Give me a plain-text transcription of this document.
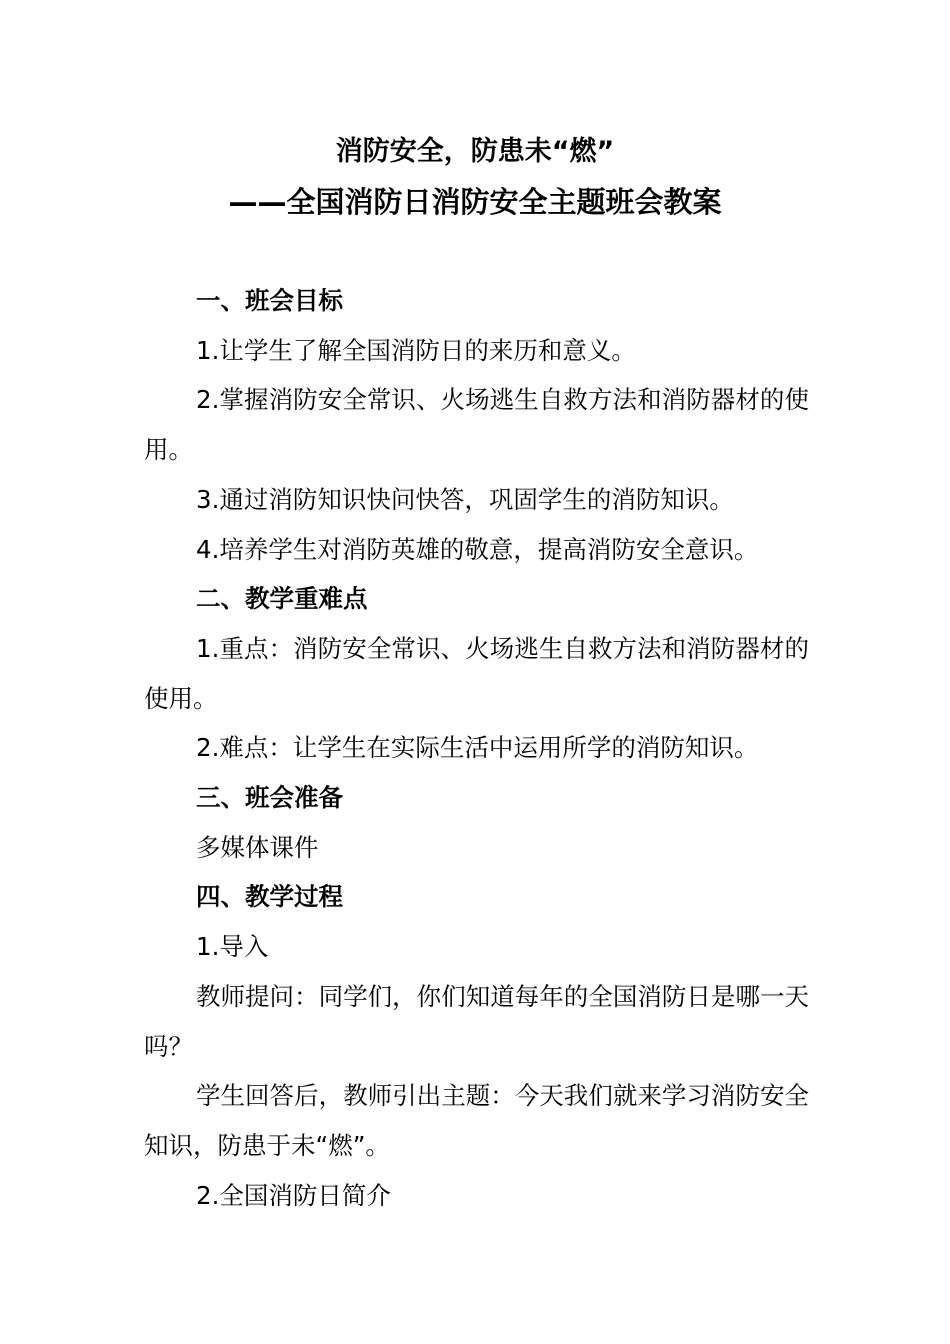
消防安全，防患未“燃”
——全国消防日消防安全主题班会教案

一、班会目标

1.让学生了解全国消防日的来历和意义。

2.掌握消防安全常识、火场逃生自救方法和消防器材的使用。

3.通过消防知识快问快答，巩固学生的消防知识。

4.培养学生对消防英雄的敬意，提高消防安全意识。

二、教学重难点

1.重点：消防安全常识、火场逃生自救方法和消防器材的使用。

2.难点：让学生在实际生活中运用所学的消防知识。

三、班会准备

多媒体课件

四、教学过程

1.导入

教师提问：同学们，你们知道每年的全国消防日是哪一天吗？

学生回答后，教师引出主题：今天我们就来学习消防安全知识，防患于未“燃”。

2.全国消防日简介
